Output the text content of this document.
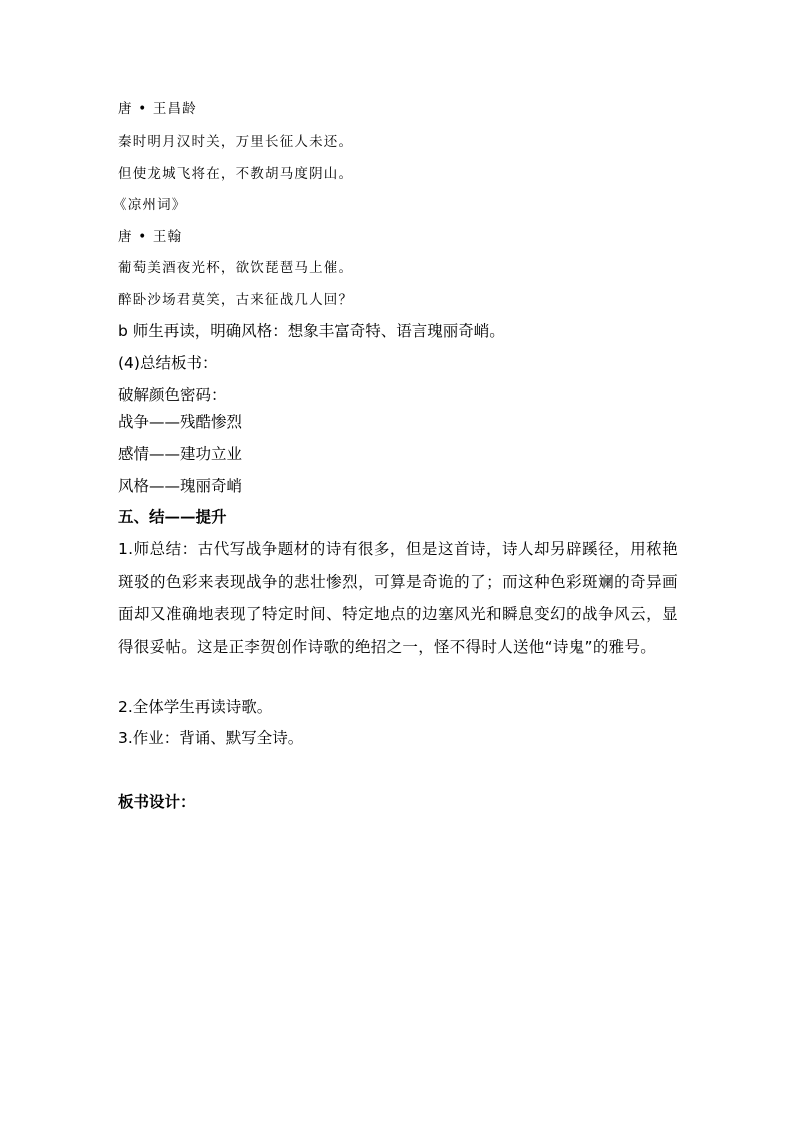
唐 • 王昌龄
秦时明月汉时关，万里长征人未还。
但使龙城飞将在，不教胡马度阴山。
《凉州词》
唐 • 王翰
葡萄美酒夜光杯，欲饮琵琶马上催。
醉卧沙场君莫笑，古来征战几人回？
b 师生再读，明确风格：想象丰富奇特、语言瑰丽奇峭。
(4)总结板书：
破解颜色密码：
战争——残酷惨烈
感情——建功立业
风格——瑰丽奇峭
五、结——提升
1.师总结：古代写战争题材的诗有很多，但是这首诗，诗人却另辟蹊径，用秾艳斑驳的色彩来表现战争的悲壮惨烈，可算是奇诡的了；而这种色彩斑斓的奇异画面却又准确地表现了特定时间、特定地点的边塞风光和瞬息变幻的战争风云，显得很妥帖。这是正李贺创作诗歌的绝招之一，怪不得时人送他“诗鬼”的雅号。
2.全体学生再读诗歌。
3.作业：背诵、默写全诗。
板书设计：
